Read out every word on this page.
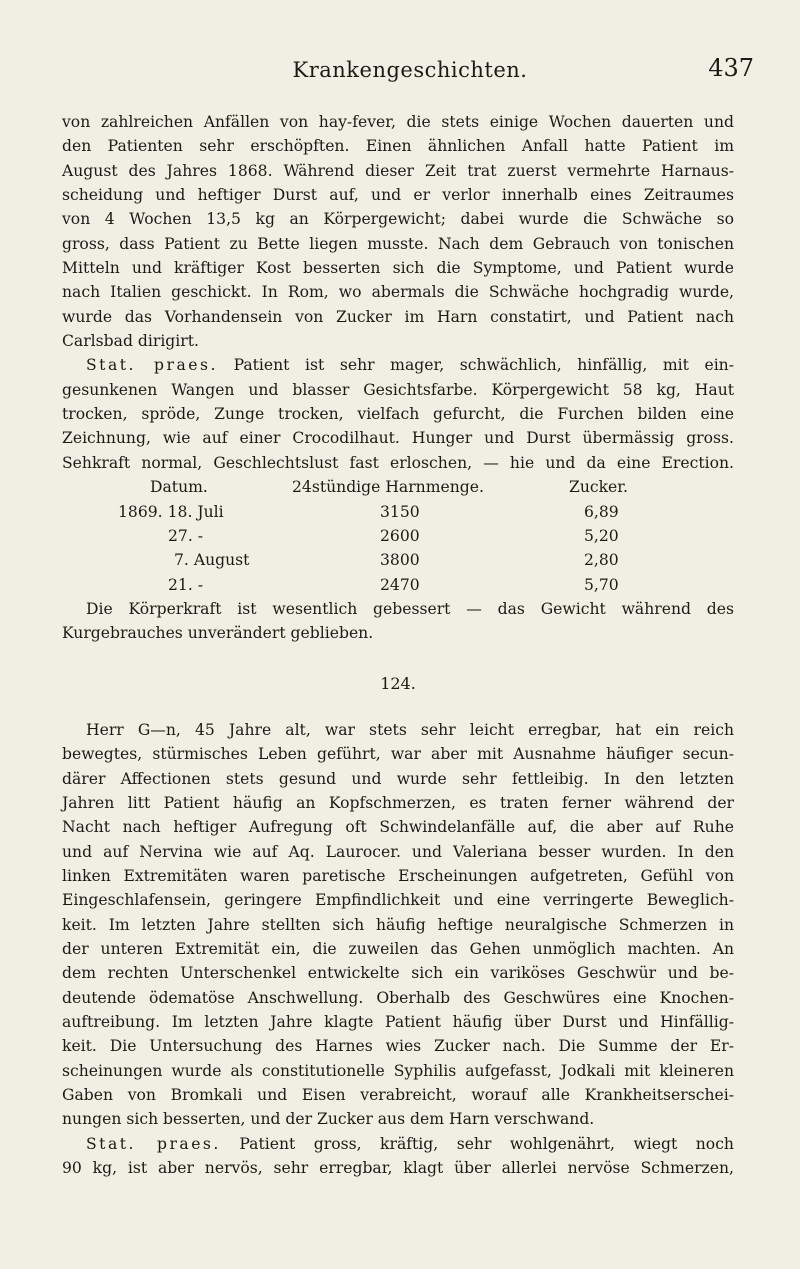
Krankengeschichten.	437
von zahlreichen Anfällen von hay-fever, die stets einige Wochen dauerten und
den Patienten sehr erschöpften. Einen ähnlichen Anfall hatte Patient im
August des Jahres 1868. Während dieser Zeit trat zuerst vermehrte Harnaus-
scheidung und heftiger Durst auf, und er verlor innerhalb eines Zeitraumes
von 4 Wochen 13,5 kg an Körpergewicht; dabei wurde die Schwäche so
gross, dass Patient zu Bette liegen musste. Nach dem Gebrauch von tonischen
Mitteln und kräftiger Kost besserten sich die Symptome, und Patient wurde
nach Italien geschickt. In Rom, wo abermals die Schwäche hochgradig wurde,
wurde das Vorhandensein von Zucker im Harn constatirt, und Patient nach
Carlsbad dirigirt.
Stat. praes. Patient ist sehr mager, schwächlich, hinfällig, mit ein-
gesunkenen Wangen und blasser Gesichtsfarbe. Körpergewicht 58 kg, Haut
trocken, spröde, Zunge trocken, vielfach gefurcht, die Furchen bilden eine
Zeichnung, wie auf einer Crocodilhaut. Hunger und Durst übermässig gross.
Sehkraft normal, Geschlechtslust fast erloschen, — hie und da eine Erection.
Datum.	24stündige Harnmenge.	Zucker.
1869. 18. Juli	3150	6,89
27. -	2600	5,20
7. August	3800	2,80
21. -	2470	5,70
Die Körperkraft ist wesentlich gebessert — das Gewicht während des
Kurgebrauches unverändert geblieben.
124.
Herr G—n, 45 Jahre alt, war stets sehr leicht erregbar, hat ein reich
bewegtes, stürmisches Leben geführt, war aber mit Ausnahme häufiger secun-
därer Affectionen stets gesund und wurde sehr fettleibig. In den letzten
Jahren litt Patient häufig an Kopfschmerzen, es traten ferner während der
Nacht nach heftiger Aufregung oft Schwindelanfälle auf, die aber auf Ruhe
und auf Nervina wie auf Aq. Laurocer. und Valeriana besser wurden. In den
linken Extremitäten waren paretische Erscheinungen aufgetreten, Gefühl von
Eingeschlafensein, geringere Empfindlichkeit und eine verringerte Beweglich-
keit. Im letzten Jahre stellten sich häufig heftige neuralgische Schmerzen in
der unteren Extremität ein, die zuweilen das Gehen unmöglich machten. An
dem rechten Unterschenkel entwickelte sich ein variköses Geschwür und be-
deutende ödematöse Anschwellung. Oberhalb des Geschwüres eine Knochen-
auftreibung. Im letzten Jahre klagte Patient häufig über Durst und Hinfällig-
keit. Die Untersuchung des Harnes wies Zucker nach. Die Summe der Er-
scheinungen wurde als constitutionelle Syphilis aufgefasst, Jodkali mit kleineren
Gaben von Bromkali und Eisen verabreicht, worauf alle Krankheitserschei-
nungen sich besserten, und der Zucker aus dem Harn verschwand.
Stat. praes. Patient gross, kräftig, sehr wohlgenährt, wiegt noch
90 kg, ist aber nervös, sehr erregbar, klagt über allerlei nervöse Schmerzen,
